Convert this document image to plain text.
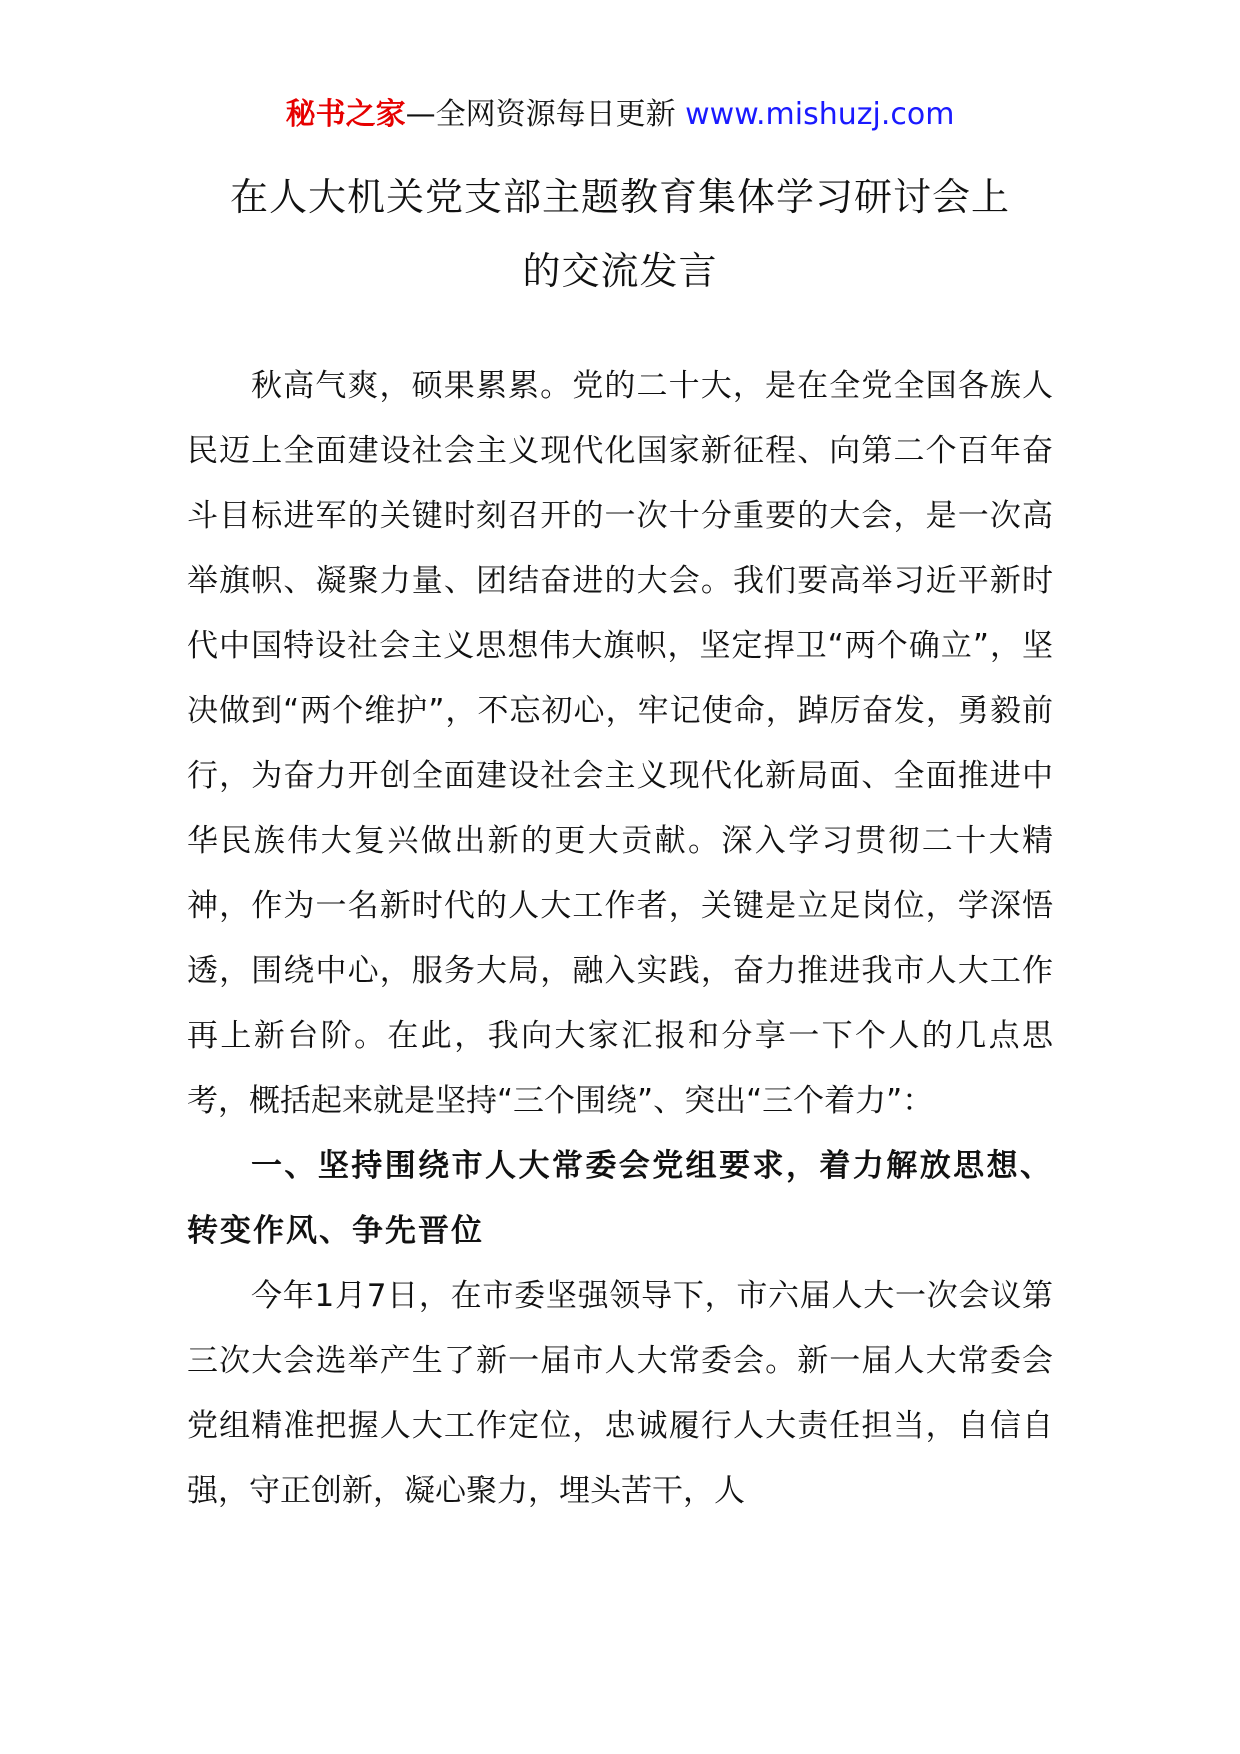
秘书之家—全网资源每日更新 www.mishuzj.com
在人大机关党支部主题教育集体学习研讨会上
的交流发言

秋高气爽，硕果累累。党的二十大，是在全党全国各族人民迈上全面建设社会主义现代化国家新征程、向第二个百年奋斗目标进军的关键时刻召开的一次十分重要的大会，是一次高举旗帜、凝聚力量、团结奋进的大会。我们要高举习近平新时代中国特设社会主义思想伟大旗帜，坚定捍卫“两个确立”，坚决做到“两个维护”，不忘初心，牢记使命，踔厉奋发，勇毅前行，为奋力开创全面建设社会主义现代化新局面、全面推进中华民族伟大复兴做出新的更大贡献。深入学习贯彻二十大精神，作为一名新时代的人大工作者，关键是立足岗位，学深悟透，围绕中心，服务大局，融入实践，奋力推进我市人大工作再上新台阶。在此，我向大家汇报和分享一下个人的几点思考，概括起来就是坚持“三个围绕”、突出“三个着力”：

一、坚持围绕市人大常委会党组要求，着力解放思想、转变作风、争先晋位

今年1月7日，在市委坚强领导下，市六届人大一次会议第三次大会选举产生了新一届市人大常委会。新一届人大常委会党组精准把握人大工作定位，忠诚履行人大责任担当，自信自强，守正创新，凝心聚力，埋头苦干，人
